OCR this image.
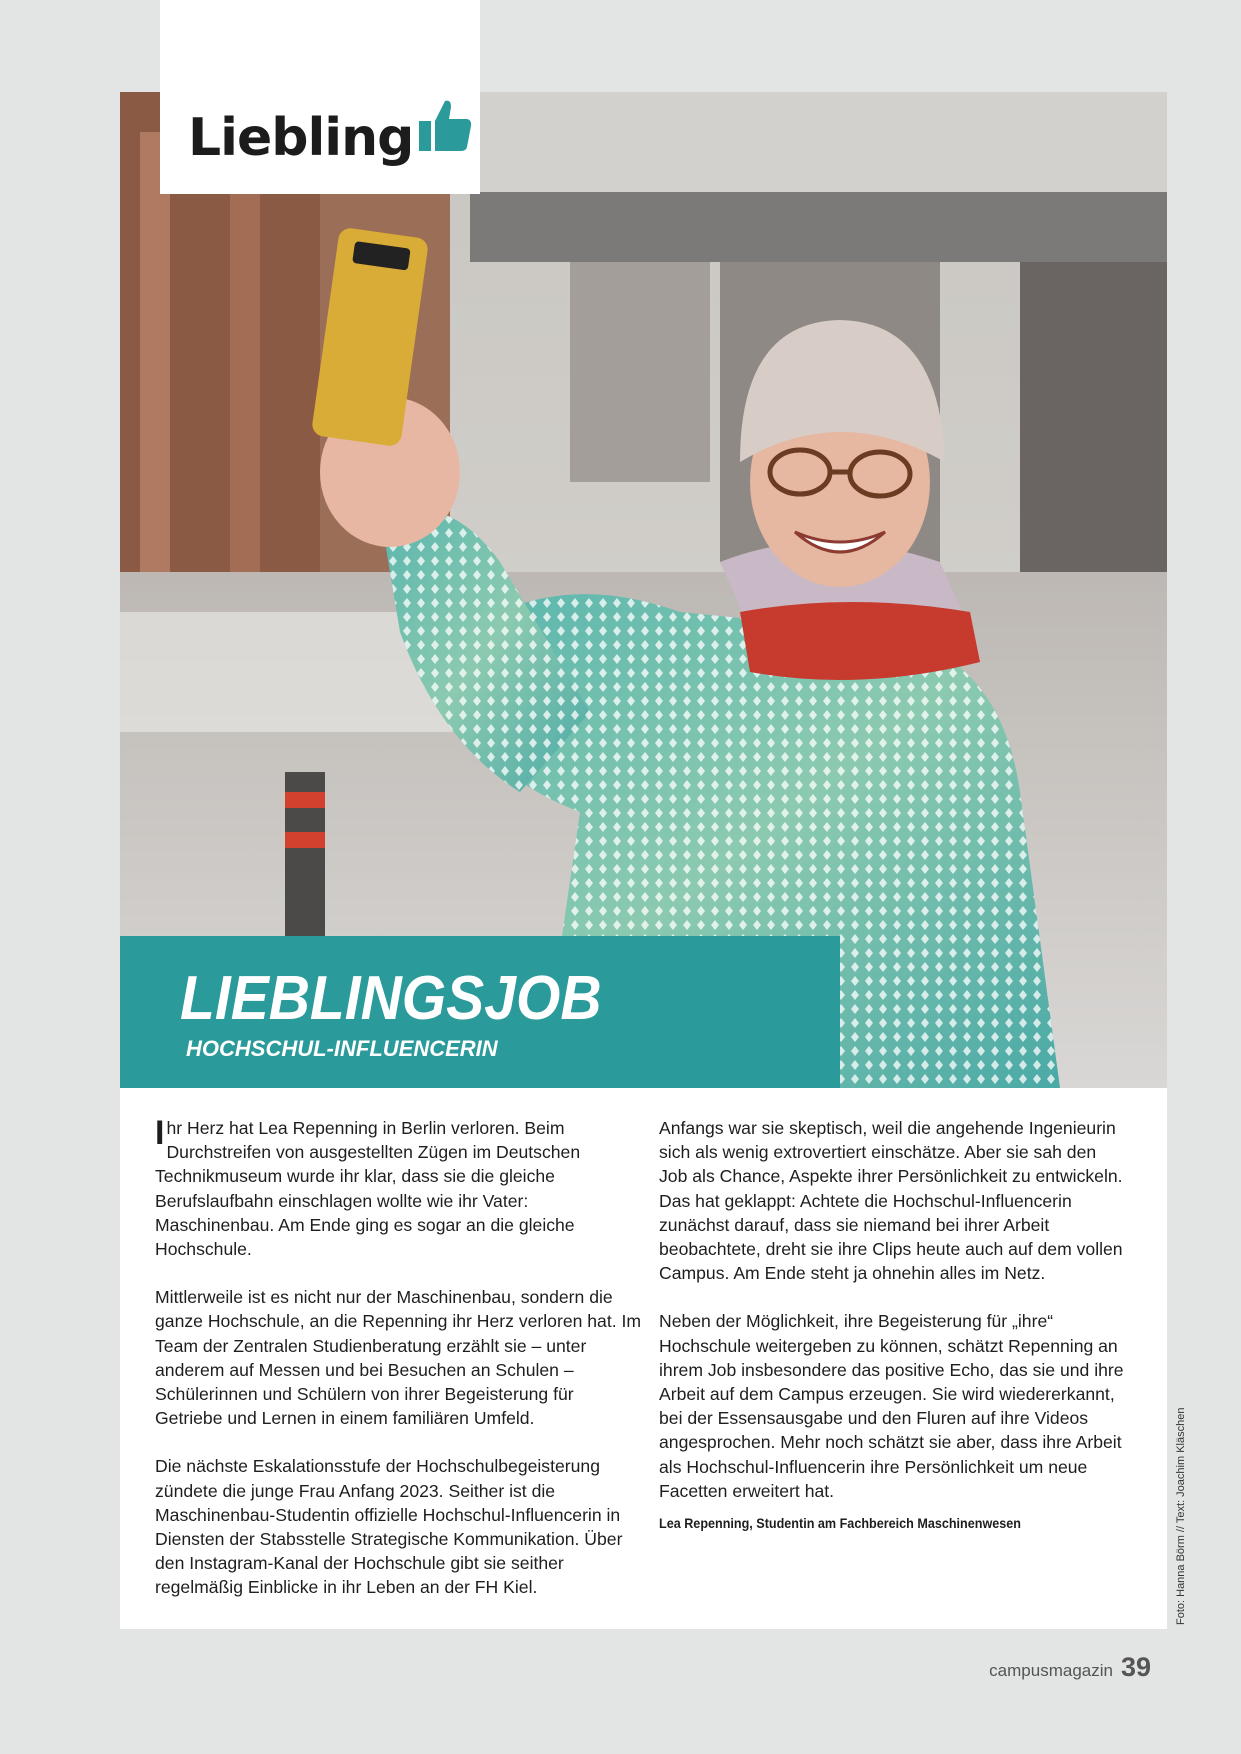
Liebling
LIEBLINGSJOB
HOCHSCHUL-INFLUENCERIN

Ihr Herz hat Lea Repenning in Berlin verloren. Beim Durchstreifen von ausgestellten Zügen im Deutschen Technikmuseum wurde ihr klar, dass sie die gleiche Berufslaufbahn einschlagen wollte wie ihr Vater: Maschinenbau. Am Ende ging es sogar an die gleiche Hochschule.

Mittlerweile ist es nicht nur der Maschinenbau, sondern die ganze Hochschule, an die Repenning ihr Herz verloren hat. Im Team der Zentralen Studienberatung erzählt sie – unter anderem auf Messen und bei Besuchen an Schulen – Schülerinnen und Schülern von ihrer Begeisterung für Getriebe und Lernen in einem familiären Umfeld.

Die nächste Eskalationsstufe der Hochschulbegeisterung zündete die junge Frau Anfang 2023. Seither ist die Maschinenbau-Studentin offizielle Hochschul-Influencerin in Diensten der Stabsstelle Strategische Kommunikation. Über den Instagram-Kanal der Hochschule gibt sie seither regelmäßig Einblicke in ihr Leben an der FH Kiel.

Anfangs war sie skeptisch, weil die angehende Ingenieurin sich als wenig extrovertiert einschätze. Aber sie sah den Job als Chance, Aspekte ihrer Persönlichkeit zu entwickeln. Das hat geklappt: Achtete die Hochschul-Influencerin zunächst darauf, dass sie niemand bei ihrer Arbeit beobachtete, dreht sie ihre Clips heute auch auf dem vollen Campus. Am Ende steht ja ohnehin alles im Netz.

Neben der Möglichkeit, ihre Begeisterung für „ihre“ Hochschule weitergeben zu können, schätzt Repenning an ihrem Job insbesondere das positive Echo, das sie und ihre Arbeit auf dem Campus erzeugen. Sie wird wiedererkannt, bei der Essensausgabe und den Fluren auf ihre Videos angesprochen. Mehr noch schätzt sie aber, dass ihre Arbeit als Hochschul-Influencerin ihre Persönlichkeit um neue Facetten erweitert hat.

Lea Repenning, Studentin am Fachbereich Maschinenwesen	Foto: Hanna Börm // Text: Joachim Kläschen
campusmagazin 39
